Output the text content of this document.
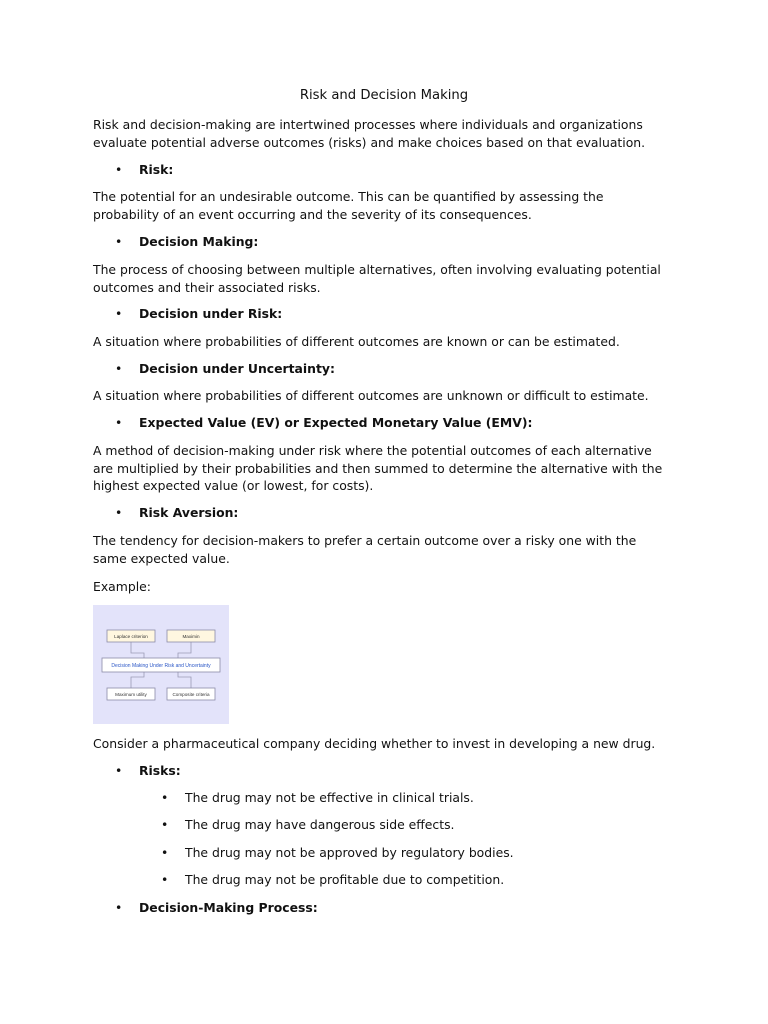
Risk and Decision Making

Risk and decision-making are intertwined processes where individuals and organizations evaluate potential adverse outcomes (risks) and make choices based on that evaluation.

• Risk:

The potential for an undesirable outcome. This can be quantified by assessing the probability of an event occurring and the severity of its consequences.

• Decision Making:

The process of choosing between multiple alternatives, often involving evaluating potential outcomes and their associated risks.

• Decision under Risk:

A situation where probabilities of different outcomes are known or can be estimated.

• Decision under Uncertainty:

A situation where probabilities of different outcomes are unknown or difficult to estimate.

• Expected Value (EV) or Expected Monetary Value (EMV):

A method of decision-making under risk where the potential outcomes of each alternative are multiplied by their probabilities and then summed to determine the alternative with the highest expected value (or lowest, for costs).

• Risk Aversion:

The tendency for decision-makers to prefer a certain outcome over a risky one with the same expected value.

Example:

Laplace criterion	Maximin
Decision Making Under Risk and Uncertainty
Maximum utility	Composite criteria

Consider a pharmaceutical company deciding whether to invest in developing a new drug.

• Risks:
• The drug may not be effective in clinical trials.
• The drug may have dangerous side effects.
• The drug may not be approved by regulatory bodies.
• The drug may not be profitable due to competition.
• Decision-Making Process:
